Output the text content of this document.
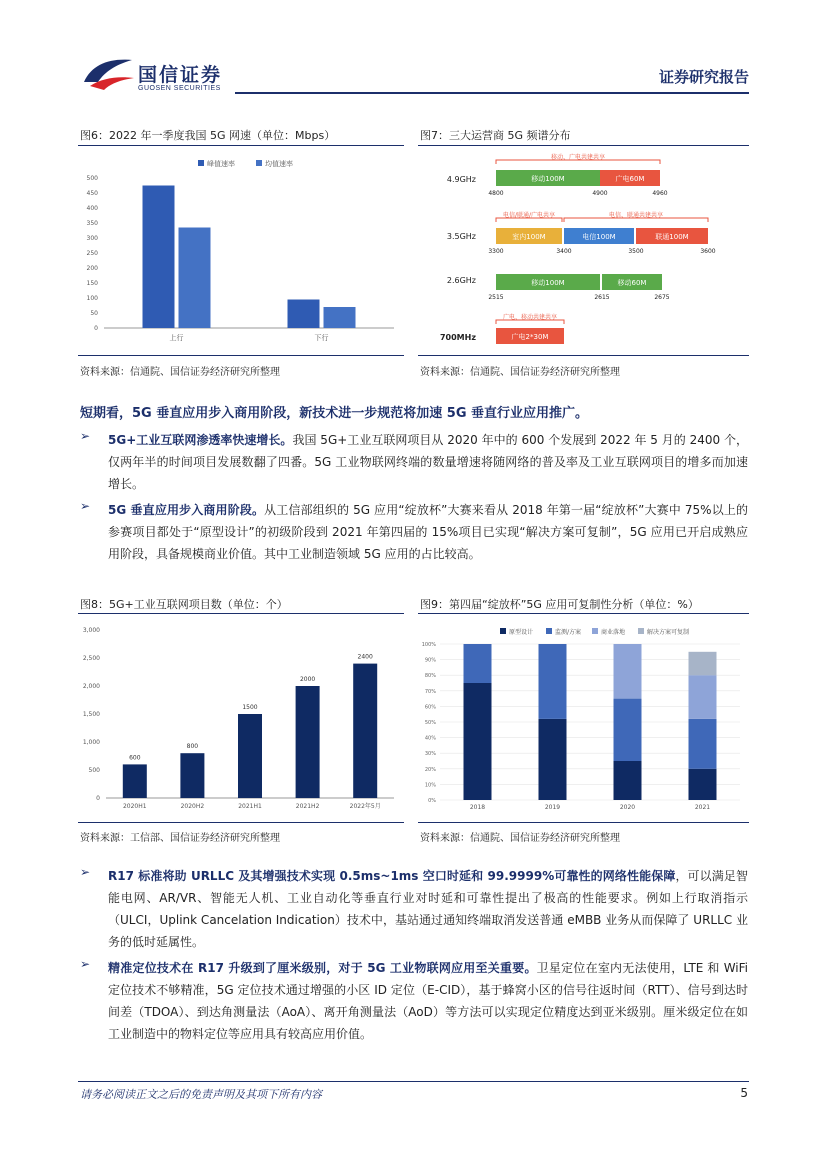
国信证券
GUOSEN SECURITIES
证券研究报告
图6：2022 年一季度我国 5G 网速（单位：Mbps）
峰值速率	均值速率
0
50
100
150
200
250
300
350
400
450
500
上行	下行
资料来源：信通院、国信证券经济研究所整理
图7：三大运营商 5G 频谱分布
4.9GHz
移动、广电共建共享
移动100M	广电60M
4800	4900	4960
3.5GHz
电信/联通/广电共享	电信、联通共建共享
室内100M	电信100M	联通100M
3300	3400	3500	3600
2.6GHz	移动100M	移动60M
2515	2615	2675
700MHz
广电、移动共建共享
广电2*30M
资料来源：信通院、国信证券经济研究所整理
短期看，5G 垂直应用步入商用阶段，新技术进一步规范将加速 5G 垂直行业应用推广。
➢ 5G+工业互联网渗透率快速增长。我国 5G+工业互联网项目从 2020 年中的 600 个发展到 2022 年 5 月的 2400 个，仅两年半的时间项目发展数翻了四番。5G 工业物联网终端的数量增速将随网络的普及率及工业互联网项目的增多而加速增长。
➢ 5G 垂直应用步入商用阶段。从工信部组织的 5G 应用“绽放杯”大赛来看从 2018 年第一届“绽放杯”大赛中 75%以上的参赛项目都处于“原型设计”的初级阶段到 2021 年第四届的 15%项目已实现“解决方案可复制”，5G 应用已开启成熟应用阶段，具备规模商业价值。其中工业制造领域 5G 应用的占比较高。
图8：5G+工业互联网项目数（单位：个）
0
500
1,000
1,500
2,000
2,500
3,000
600
2020H1
800
2020H2
1500
2021H1
2000
2021H2
2400
2022年5月
资料来源：工信部、国信证券经济研究所整理
图9：第四届“绽放杯”5G 应用可复制性分析（单位：%）
原型设计	监测/方案	商业落地	解决方案可复制
0%
10%
20%
30%
40%
50%
60%
70%
80%
90%
100%
2018	2019	2020	2021
资料来源：信通院、国信证券经济研究所整理
➢ R17 标准将助 URLLC 及其增强技术实现 0.5ms~1ms 空口时延和 99.9999%可靠性的网络性能保障，可以满足智能电网、AR/VR、智能无人机、工业自动化等垂直行业对时延和可靠性提出了极高的性能要求。例如上行取消指示（ULCI，Uplink Cancelation Indication）技术中，基站通过通知终端取消发送普通 eMBB 业务从而保障了 URLLC 业务的低时延属性。
➢ 精准定位技术在 R17 升级到了厘米级别，对于 5G 工业物联网应用至关重要。卫星定位在室内无法使用，LTE 和 WiFi 定位技术不够精准，5G 定位技术通过增强的小区 ID 定位（E-CID），基于蜂窝小区的信号往返时间（RTT）、信号到达时间差（TDOA）、到达角测量法（AoA）、离开角测量法（AoD）等方法可以实现定位精度达到亚米级别。厘米级定位在如工业制造中的物料定位等应用具有较高应用价值。
请务必阅读正文之后的免责声明及其项下所有内容	5
